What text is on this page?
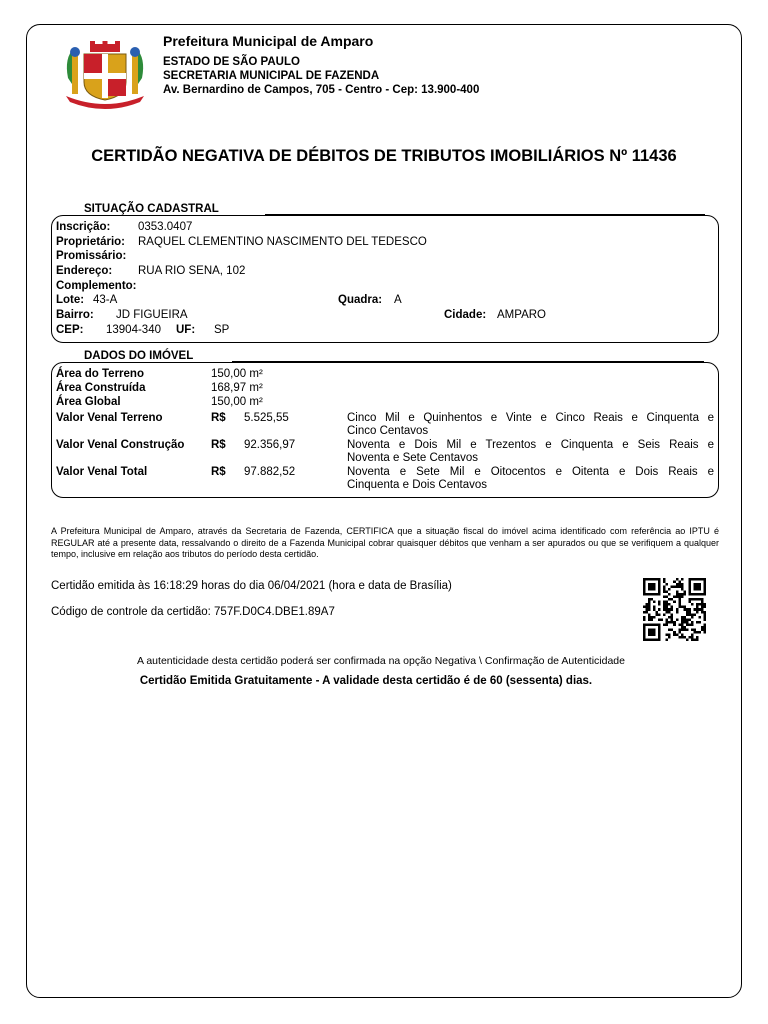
Prefeitura Municipal de Amparo
ESTADO DE SÃO PAULO
SECRETARIA MUNICIPAL DE FAZENDA
Av. Bernardino de Campos, 705 - Centro - Cep: 13.900-400
CERTIDÃO NEGATIVA DE DÉBITOS DE TRIBUTOS IMOBILIÁRIOS Nº 11436
SITUAÇÃO CADASTRAL
Inscrição: 0353.0407
Proprietário: RAQUEL CLEMENTINO NASCIMENTO DEL TEDESCO
Promissário:
Endereço: RUA RIO SENA, 102
Complemento:
Lote: 43-A	Quadra: A
Bairro: JD FIGUEIRA	Cidade: AMPARO
CEP: 13904-340 UF: SP
DADOS DO IMÓVEL
Área do Terreno	150,00 m²
Área Construída	168,97 m²
Área Global	150,00 m²
Valor Venal Terreno	R$ 5.525,55	Cinco Mil e Quinhentos e Vinte e Cinco Reais e Cinquenta e
Cinco Centavos
Valor Venal Construção R$ 92.356,97	Noventa e Dois Mil e Trezentos e Cinquenta e Seis Reais e
Noventa e Sete Centavos
Valor Venal Total	R$ 97.882,52	Noventa e Sete Mil e Oitocentos e Oitenta e Dois Reais e
Cinquenta e Dois Centavos
A Prefeitura Municipal de Amparo, através da Secretaria de Fazenda, CERTIFICA que a situação fiscal do imóvel acima identificado com referência ao IPTU é REGULAR até a presente data, ressalvando o direito de a Fazenda Municipal cobrar quaisquer débitos que venham a ser apurados ou que se verifiquem a qualquer tempo, inclusive em relação aos tributos do período desta certidão.
Certidão emitida às 16:18:29 horas do dia 06/04/2021 (hora e data de Brasília)
Código de controle da certidão: 757F.D0C4.DBE1.89A7
A autenticidade desta certidão poderá ser confirmada na opção Negativa \ Confirmação de Autenticidade
Certidão Emitida Gratuitamente - A validade desta certidão é de 60 (sessenta) dias.
